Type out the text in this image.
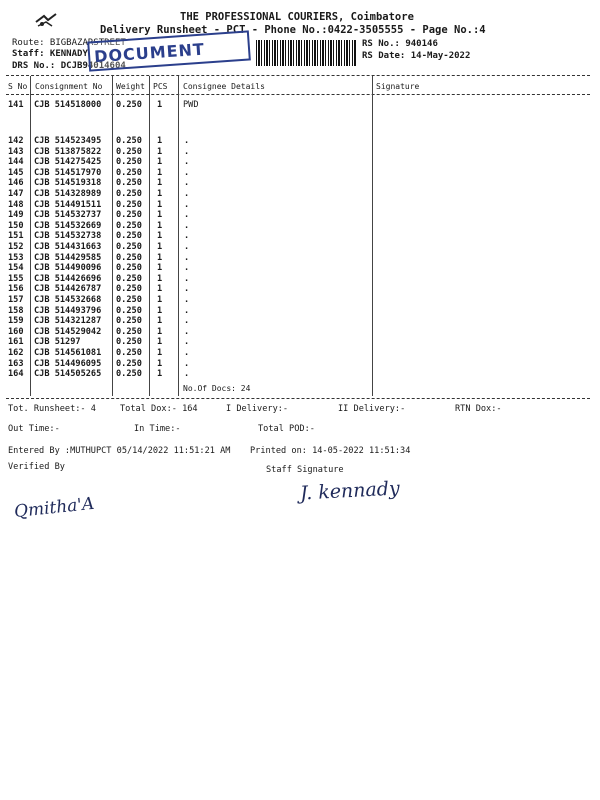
THE PROFESSIONAL COURIERS, Coimbatore
Delivery Runsheet - PCT - Phone No.:0422-3505555 - Page No.:4
Route: BIGBAZARSTREET
Staff: KENNADY
DRS No.: DCJB94014604
RS No.: 940146
RS Date: 14-May-2022
DOCUMENT
S No Consignment No Weight PCS Consignee Details	Signature
141 CJB 514518000 0.250 1 PWD
142 CJB 514523495 0.250 1	.
143 CJB 513875822 0.250 1	.
144 CJB 514275425 0.250 1	.
145 CJB 514517970 0.250 1	.
146 CJB 514519318 0.250 1	.
147 CJB 514328989 0.250 1	.
148 CJB 514491511 0.250 1	.
149 CJB 514532737 0.250 1	.
150 CJB 514532669 0.250 1	.
151 CJB 514532738 0.250 1	.
152 CJB 514431663 0.250 1	.
153 CJB 514429585 0.250 1	.
154 CJB 514490096 0.250 1	.
155 CJB 514426696 0.250 1	.
156 CJB 514426787 0.250 1	.
157 CJB 514532668 0.250 1	.
158 CJB 514493796 0.250 1	.
159 CJB 514321287 0.250 1	.
160 CJB 514529042 0.250 1	.
161 CJB 51297	0.250 1	.
162 CJB 514561081 0.250 1	.
163 CJB 514496095 0.250 1	.
164 CJB 514505265 0.250 1	.
No.Of Docs: 24
Tot. Runsheet:- 4	Total Dox:- 164	I Delivery:-	II Delivery:-	RTN Dox:-
Out Time:-	In Time:-	Total POD:-
Entered By :MUTHUPCT 05/14/2022 11:51:21 AM Printed on: 14-05-2022 11:51:34
Verified By	Staff Signature
Qmitha'A
J. kennady
